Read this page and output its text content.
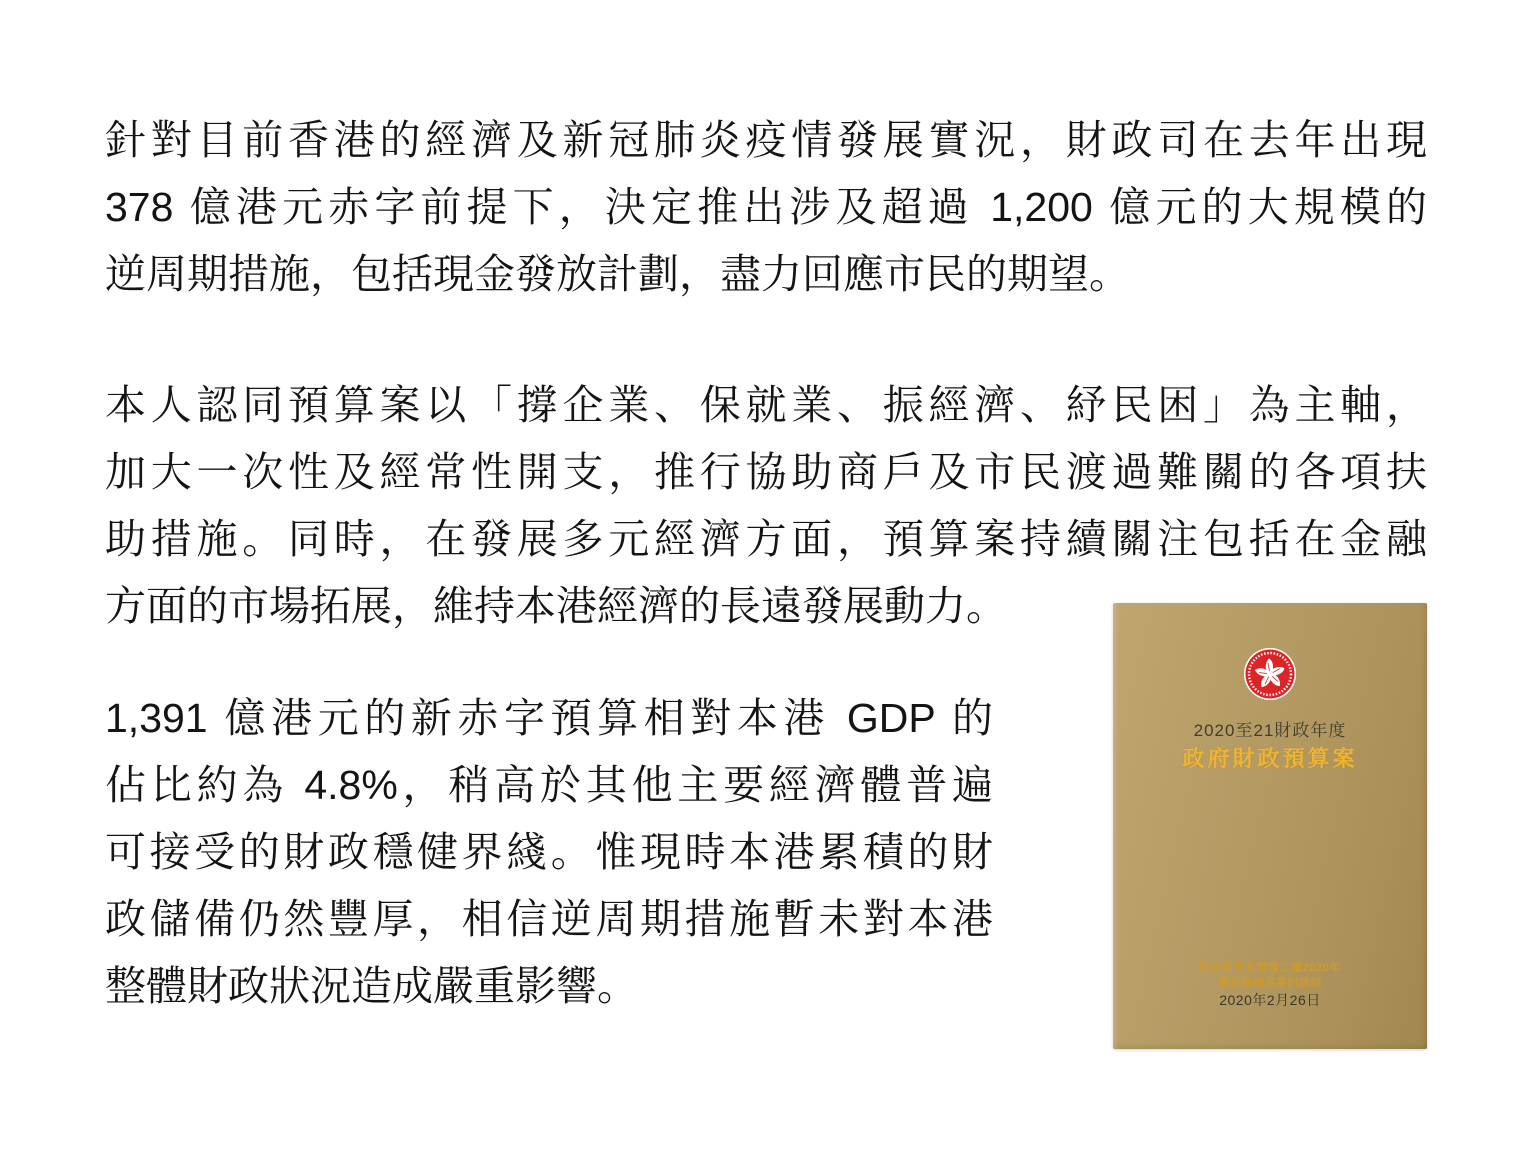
針對目前香港的經濟及新冠肺炎疫情發展實況，財政司在去年出現
378 億港元赤字前提下，決定推出涉及超過 1,200 億元的大規模的
逆周期措施，包括現金發放計劃，盡力回應市民的期望。
本人認同預算案以「撐企業、保就業、振經濟、紓民困」為主軸，
加大一次性及經常性開支，推行協助商戶及市民渡過難關的各項扶
助措施。同時，在發展多元經濟方面，預算案持續關注包括在金融
方面的市場拓展，維持本港經濟的長遠發展動力。
1,391 億港元的新赤字預算相對本港 GDP 的
佔比約為 4.8%，稍高於其他主要經濟體普遍
可接受的財政穩健界綫。惟現時本港累積的財
政儲備仍然豐厚，相信逆周期措施暫未對本港
整體財政狀況造成嚴重影響。
2020至21財政年度
政府財政預算案
財政司司長動議二讀2020年
撥款條例草案的演詞
2020年2月26日
